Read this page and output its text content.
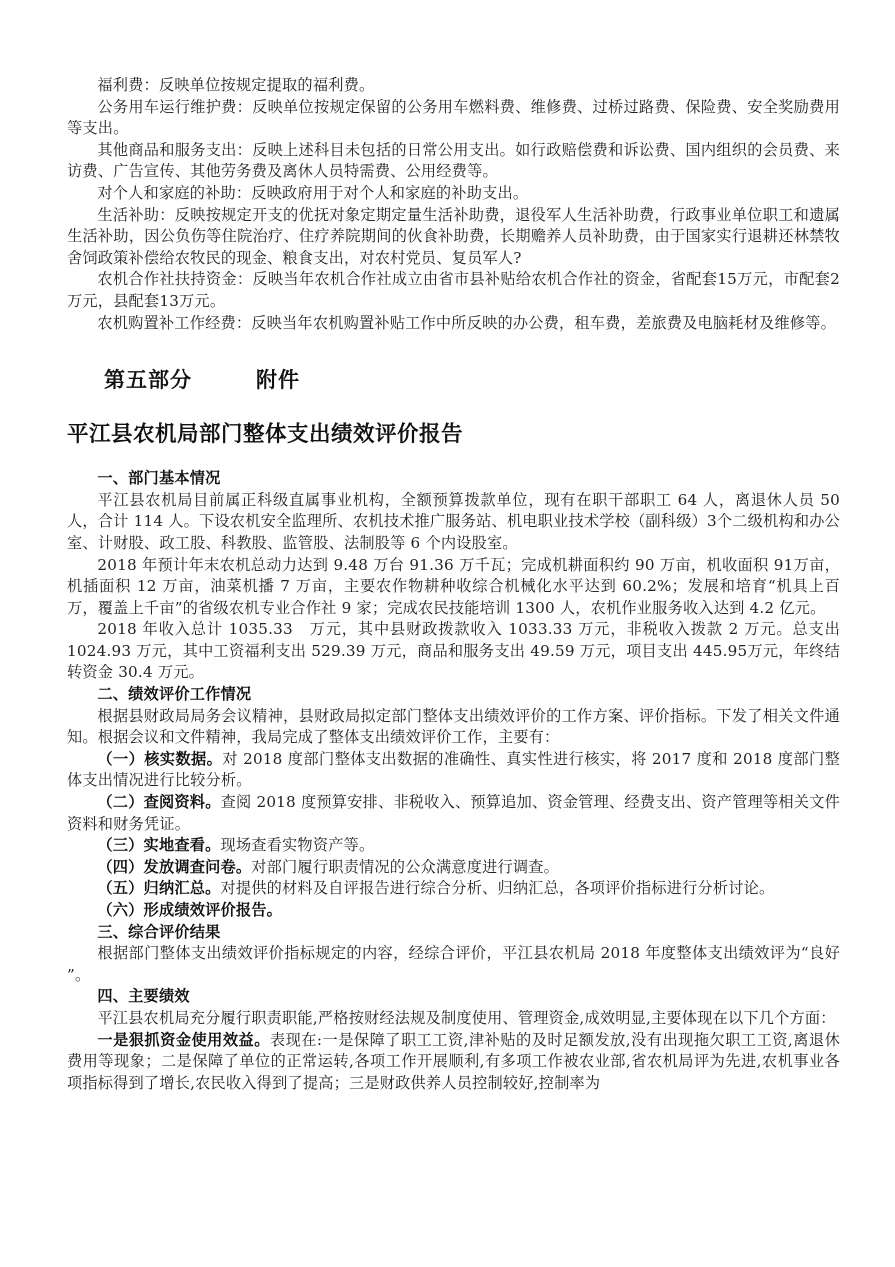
福利费：反映单位按规定提取的福利费。

公务用车运行维护费：反映单位按规定保留的公务用车燃料费、维修费、过桥过路费、保险费、安全奖励费用等支出。

其他商品和服务支出：反映上述科目未包括的日常公用支出。如行政赔偿费和诉讼费、国内组织的会员费、来访费、广告宣传、其他劳务费及离休人员特需费、公用经费等。

对个人和家庭的补助：反映政府用于对个人和家庭的补助支出。

生活补助：反映按规定开支的优抚对象定期定量生活补助费，退役军人生活补助费，行政事业单位职工和遗属生活补助，因公负伤等住院治疗、住疗养院期间的伙食补助费，长期赡养人员补助费，由于国家实行退耕还林禁牧舍饲政策补偿给农牧民的现金、粮食支出，对农村党员、复员军人?

农机合作社扶持资金：反映当年农机合作社成立由省市县补贴给农机合作社的资金，省配套15万元，市配套2万元，县配套13万元。

农机购置补工作经费：反映当年农机购置补贴工作中所反映的办公费，租车费，差旅费及电脑耗材及维修等。

第五部分	附件
平江县农机局部门整体支出绩效评价报告
一、部门基本情况

平江县农机局目前属正科级直属事业机构，全额预算拨款单位，现有在职干部职工 64 人，离退休人员 50 人，合计 114 人。下设农机安全监理所、农机技术推广服务站、机电职业技术学校（副科级）3个二级机构和办公室、计财股、政工股、科教股、监管股、法制股等 6 个内设股室。

2018 年预计年末农机总动力达到 9.48 万台 91.36 万千瓦；完成机耕面积约 90 万亩，机收面积 91万亩，机插面积 12 万亩，油菜机播 7 万亩，主要农作物耕种收综合机械化水平达到 60.2%；发展和培育“机具上百万，覆盖上千亩”的省级农机专业合作社 9 家；完成农民技能培训 1300 人，农机作业服务收入达到 4.2 亿元。

2018 年收入总计 1035.33　万元，其中县财政拨款收入 1033.33 万元，非税收入拨款 2 万元。总支出　1024.93 万元，其中工资福利支出 529.39 万元，商品和服务支出 49.59 万元，项目支出 445.95万元，年终结转资金 30.4 万元。

二、绩效评价工作情况

根据县财政局局务会议精神，县财政局拟定部门整体支出绩效评价的工作方案、评价指标。下发了相关文件通知。根据会议和文件精神，我局完成了整体支出绩效评价工作，主要有：

（一）核实数据。对 2018 度部门整体支出数据的准确性、真实性进行核实，将 2017 度和 2018 度部门整体支出情况进行比较分析。

（二）查阅资料。查阅 2018 度预算安排、非税收入、预算追加、资金管理、经费支出、资产管理等相关文件资料和财务凭证。

（三）实地查看。现场查看实物资产等。

（四）发放调查问卷。对部门履行职责情况的公众满意度进行调查。

（五）归纳汇总。对提供的材料及自评报告进行综合分析、归纳汇总，各项评价指标进行分析讨论。

（六）形成绩效评价报告。

三、综合评价结果

根据部门整体支出绩效评价指标规定的内容，经综合评价，平江县农机局 2018 年度整体支出绩效评为“良好 ”。

四、主要绩效

平江县农机局充分履行职责职能,严格按财经法规及制度使用、管理资金,成效明显,主要体现在以下几个方面：

一是狠抓资金使用效益。表现在:一是保障了职工工资,津补贴的及时足额发放,没有出现拖欠职工工资,离退休费用等现象；二是保障了单位的正常运转,各项工作开展顺利,有多项工作被农业部,省农机局评为先进,农机事业各项指标得到了增长,农民收入得到了提高；三是财政供养人员控制较好,控制率为
